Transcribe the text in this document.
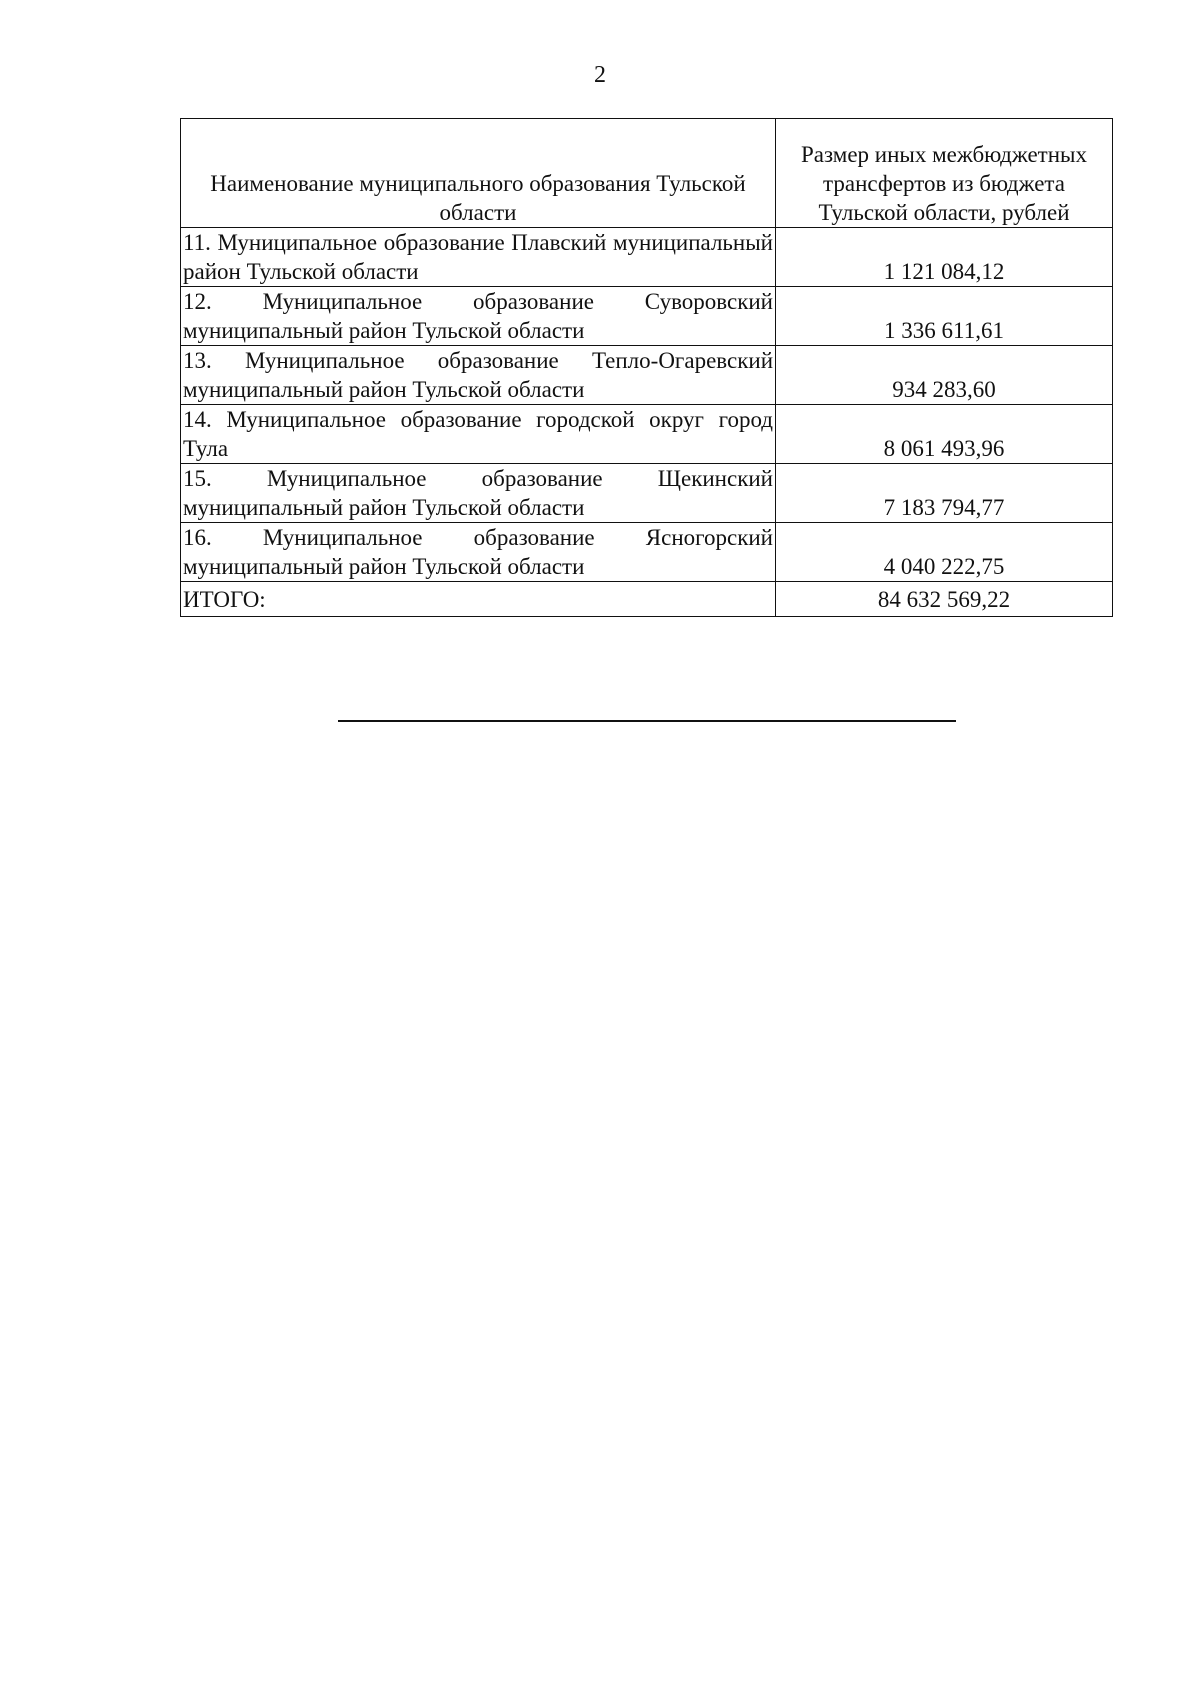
2
Наименование муниципального образования Тульской области	Размер иных межбюджетных трансфертов из бюджета Тульской области, рублей
11. Муниципальное образование Плавский муниципальный район Тульской области	1 121 084,12
12. Муниципальное образование Суворовский муниципальный район Тульской области	1 336 611,61
13. Муниципальное образование Тепло-Огаревский муниципальный район Тульской области	934 283,60
14. Муниципальное образование городской округ город Тула	8 061 493,96
15. Муниципальное образование Щекинский муниципальный район Тульской области	7 183 794,77
16. Муниципальное образование Ясногорский муниципальный район Тульской области	4 040 222,75
ИТОГО:	84 632 569,22
